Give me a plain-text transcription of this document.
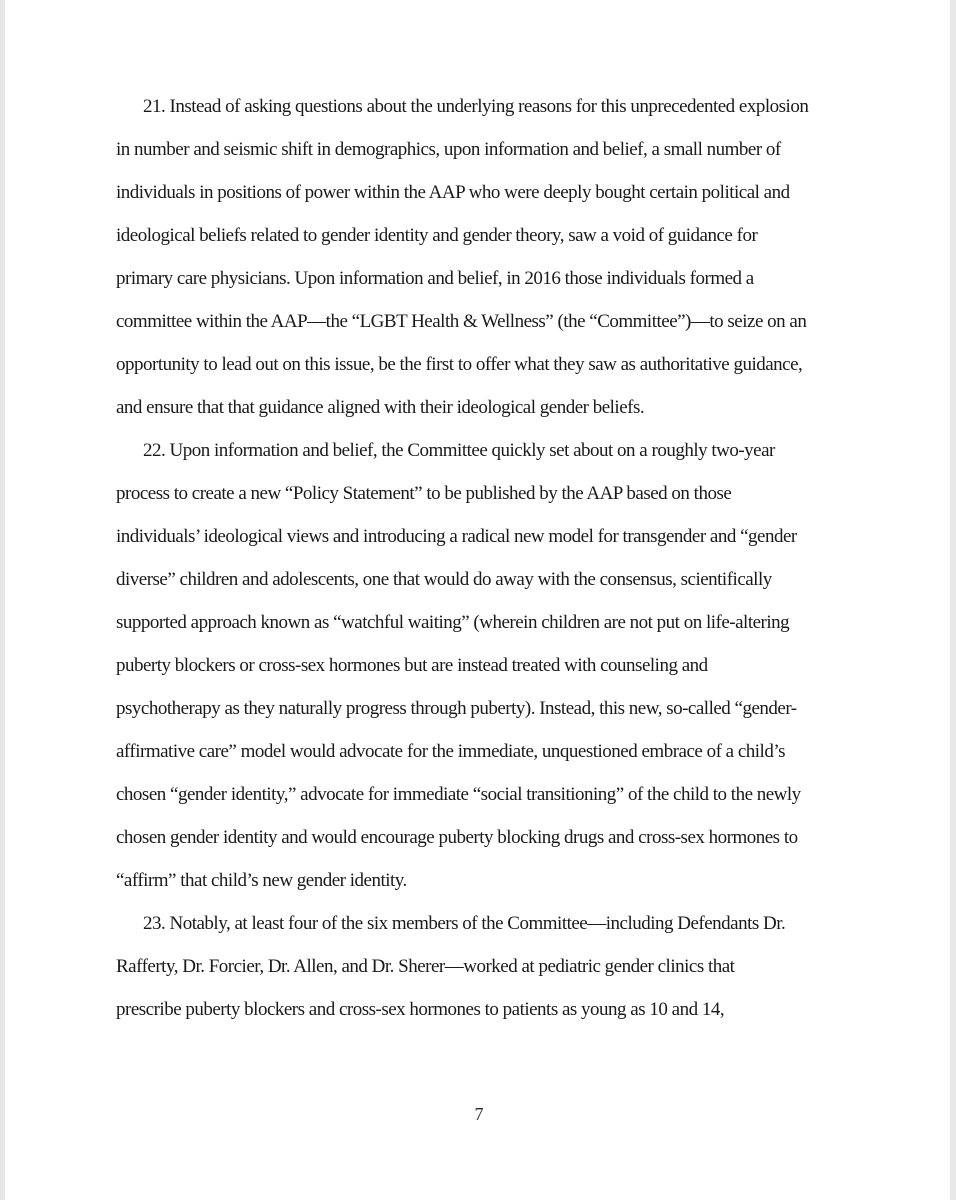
21. Instead of asking questions about the underlying reasons for this unprecedented explosion
in number and seismic shift in demographics, upon information and belief, a small number of
individuals in positions of power within the AAP who were deeply bought certain political and
ideological beliefs related to gender identity and gender theory, saw a void of guidance for
primary care physicians. Upon information and belief, in 2016 those individuals formed a
committee within the AAP—the “LGBT Health & Wellness” (the “Committee”)—to seize on an
opportunity to lead out on this issue, be the first to offer what they saw as authoritative guidance,
and ensure that that guidance aligned with their ideological gender beliefs.
22. Upon information and belief, the Committee quickly set about on a roughly two-year
process to create a new “Policy Statement” to be published by the AAP based on those
individuals’ ideological views and introducing a radical new model for transgender and “gender
diverse” children and adolescents, one that would do away with the consensus, scientifically
supported approach known as “watchful waiting” (wherein children are not put on life-altering
puberty blockers or cross-sex hormones but are instead treated with counseling and
psychotherapy as they naturally progress through puberty). Instead, this new, so-called “gender-
affirmative care” model would advocate for the immediate, unquestioned embrace of a child’s
chosen “gender identity,” advocate for immediate “social transitioning” of the child to the newly
chosen gender identity and would encourage puberty blocking drugs and cross-sex hormones to
“affirm” that child’s new gender identity.
23. Notably, at least four of the six members of the Committee—including Defendants Dr.
Rafferty, Dr. Forcier, Dr. Allen, and Dr. Sherer—worked at pediatric gender clinics that
prescribe puberty blockers and cross-sex hormones to patients as young as 10 and 14,
7
